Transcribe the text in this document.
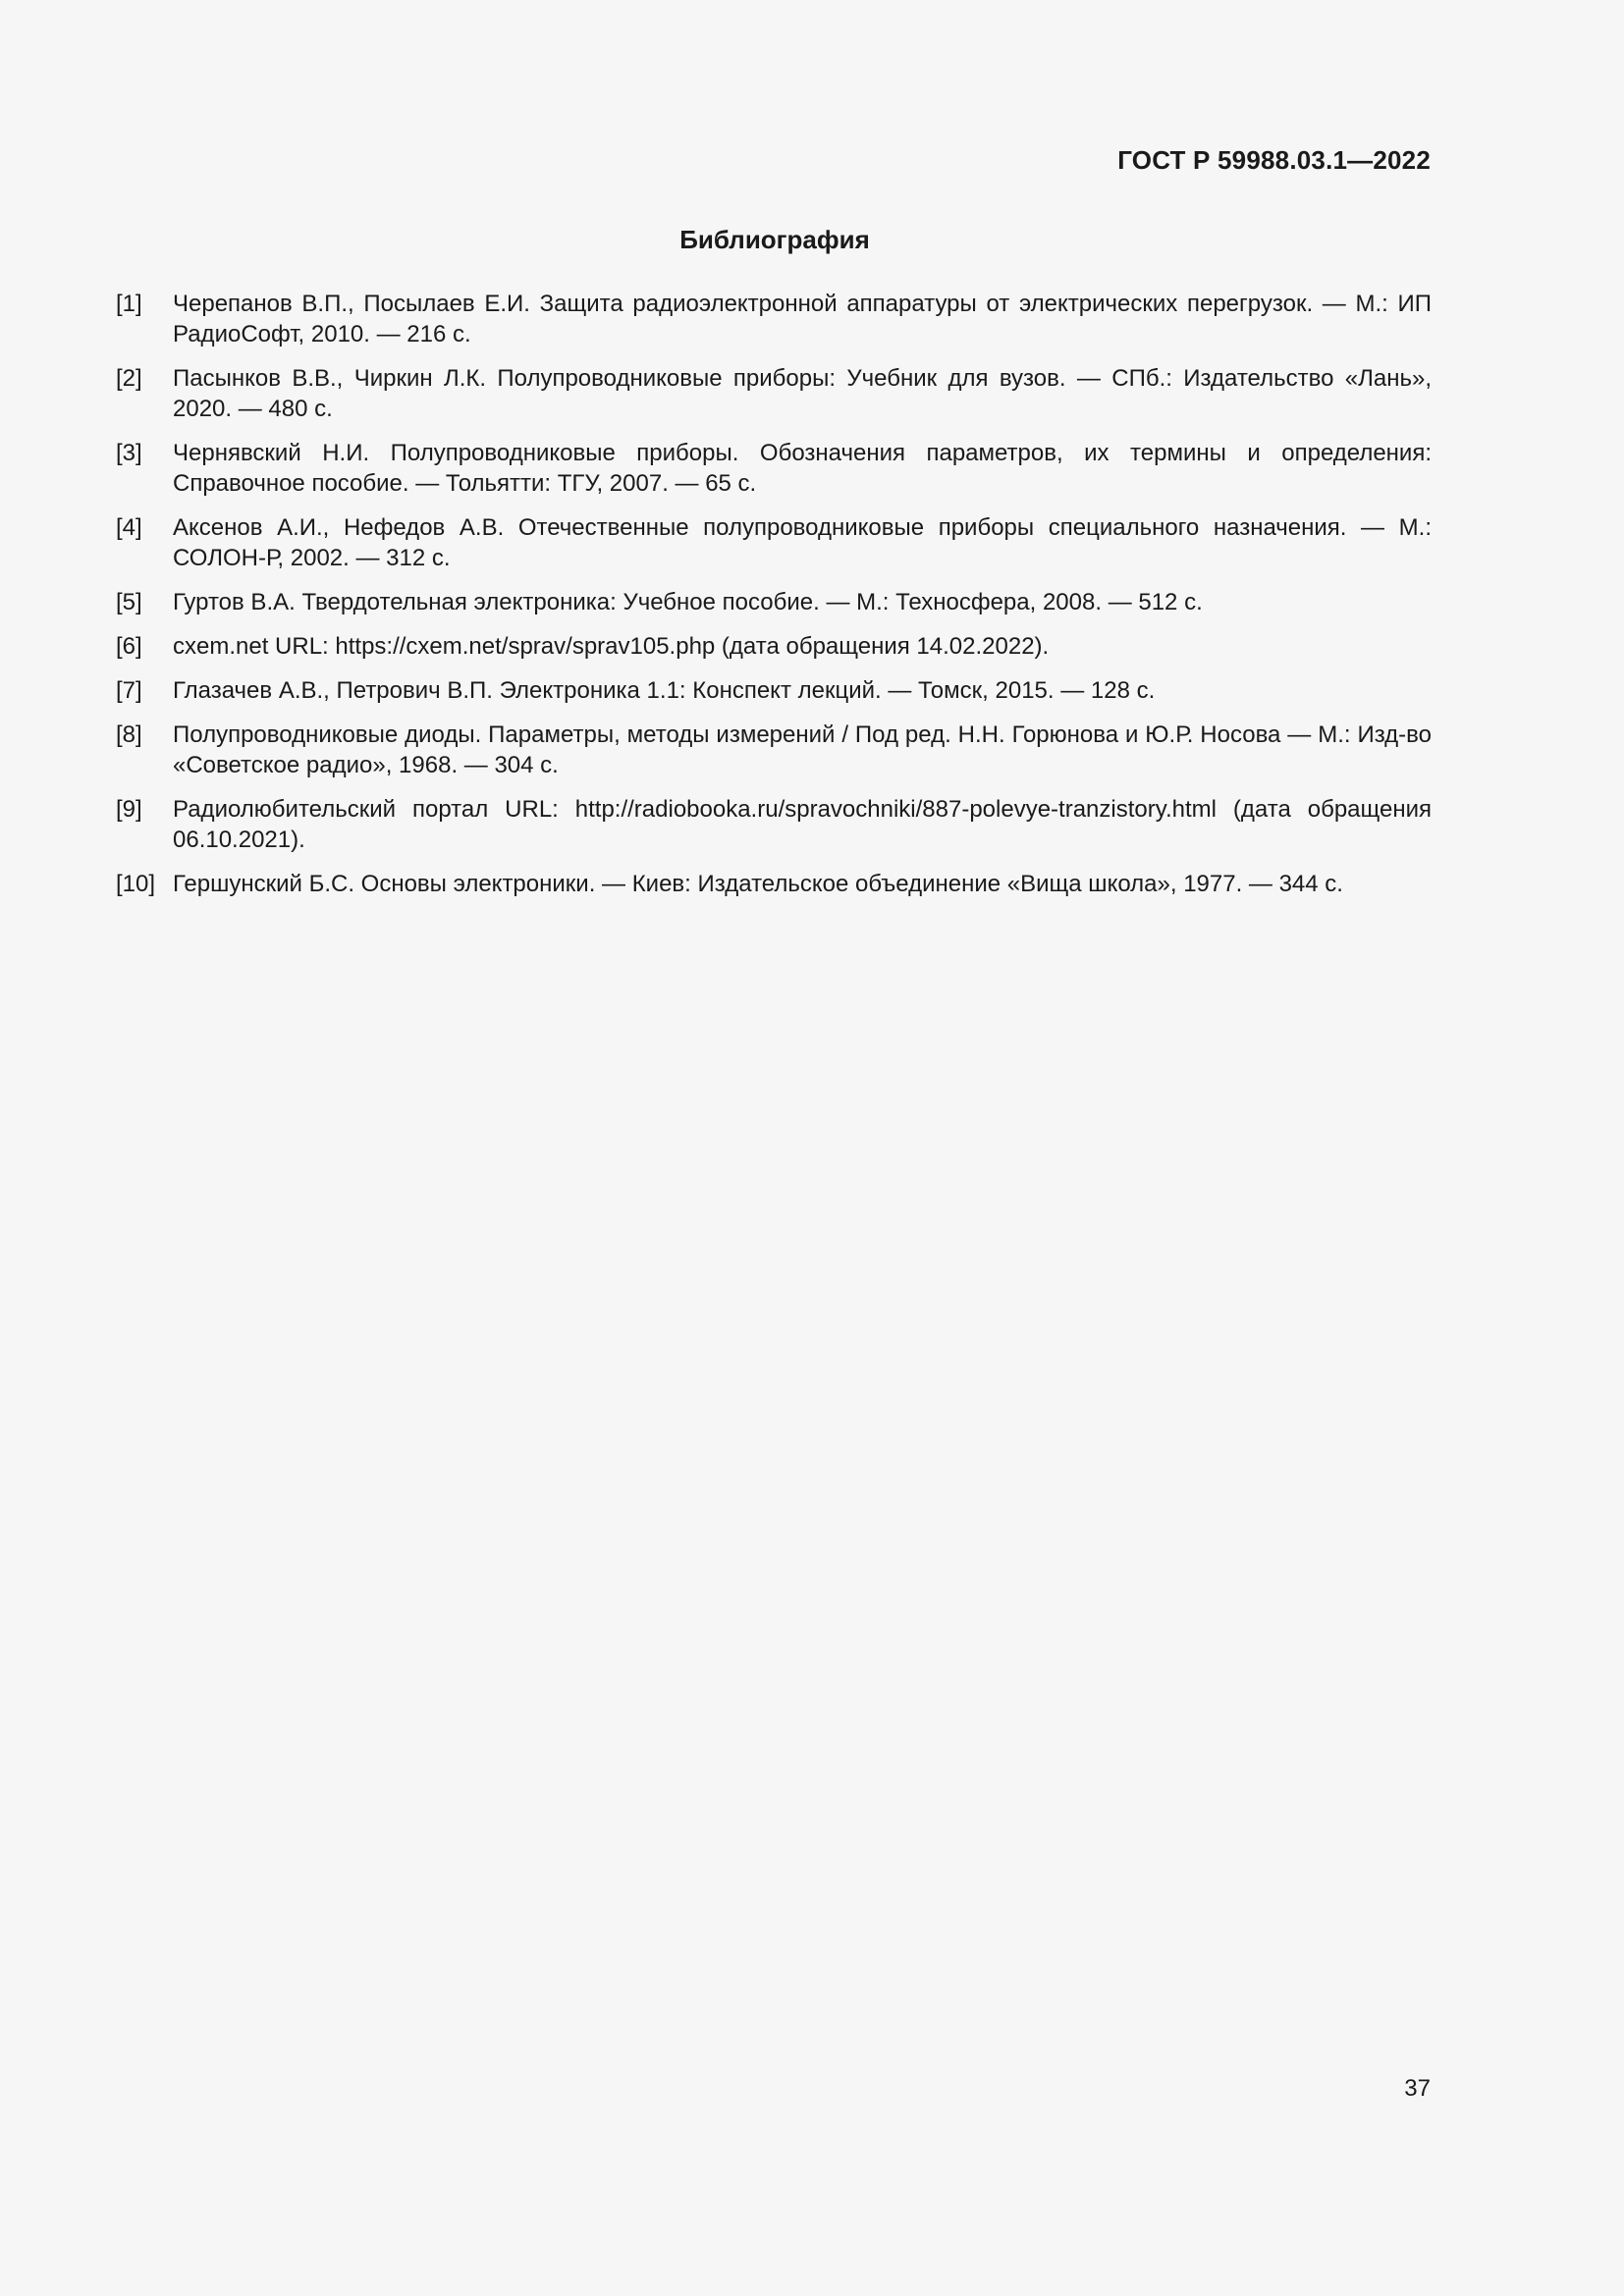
ГОСТ Р 59988.03.1—2022
Библиография
[1]	Черепанов В.П., Посылаев Е.И. Защита радиоэлектронной аппаратуры от электрических перегрузок. — М.: ИП РадиоСофт, 2010. — 216 с.
[2]	Пасынков В.В., Чиркин Л.К. Полупроводниковые приборы: Учебник для вузов. — СПб.: Издательство «Лань», 2020. — 480 с.
[3]	Чернявский Н.И. Полупроводниковые приборы. Обозначения параметров, их термины и определения: Справочное пособие. — Тольятти: ТГУ, 2007. — 65 с.
[4]	Аксенов А.И., Нефедов А.В. Отечественные полупроводниковые приборы специального назначения. — М.: СОЛОН-Р, 2002. — 312 с.
[5]	Гуртов В.А. Твердотельная электроника: Учебное пособие. — М.: Техносфера, 2008. — 512 с.
[6]	cxem.net URL: https://cxem.net/sprav/sprav105.php (дата обращения 14.02.2022).
[7]	Глазачев А.В., Петрович В.П. Электроника 1.1: Конспект лекций. — Томск, 2015. — 128 с.
[8]	Полупроводниковые диоды. Параметры, методы измерений / Под ред. Н.Н. Горюнова и Ю.Р. Носова — М.: Изд-во «Советское радио», 1968. — 304 с.
[9]	Радиолюбительский портал URL: http://radiobooka.ru/spravochniki/887-polevye-tranzistory.html (дата обращения 06.10.2021).
[10] Гершунский Б.С. Основы электроники. — Киев: Издательское объединение «Вища школа», 1977. — 344 с.
37
